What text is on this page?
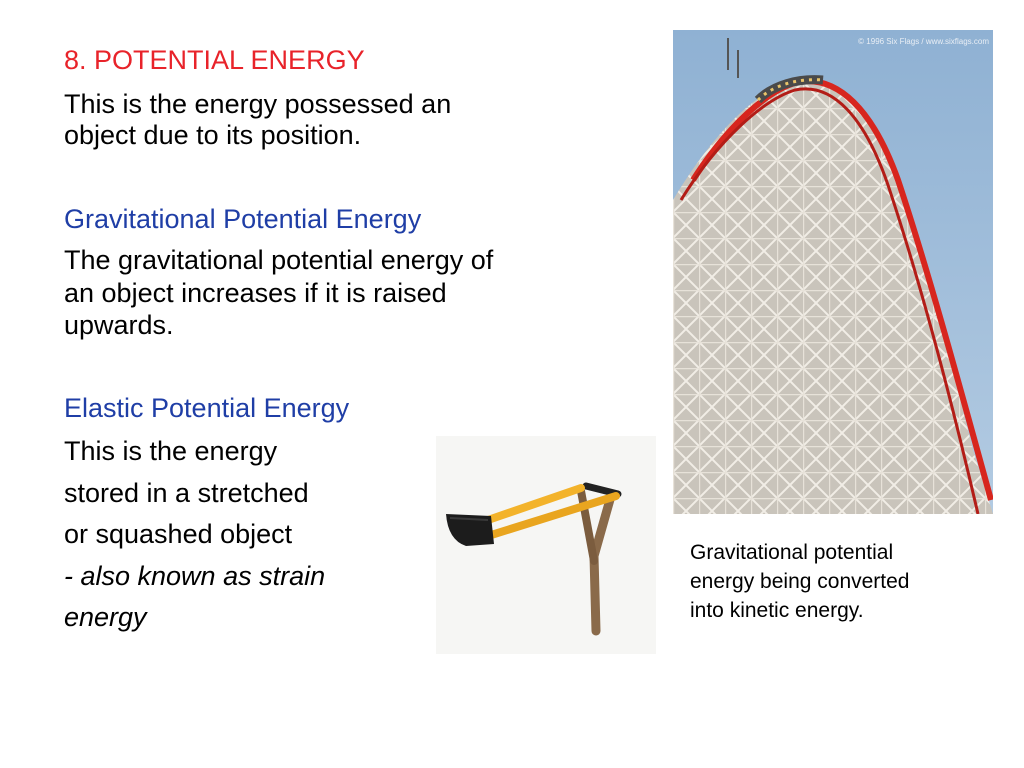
8. POTENTIAL ENERGY

This is the energy possessed an

object due to its position.

Gravitational Potential Energy

The gravitational potential energy of

an object increases if it is raised

upwards.

Elastic Potential Energy

This is the energy

stored in a stretched

or squashed object

- also known as strain

energy

© 1996 Six Flags / www.sixflags.com

Gravitational potential

energy being converted

into kinetic energy.
